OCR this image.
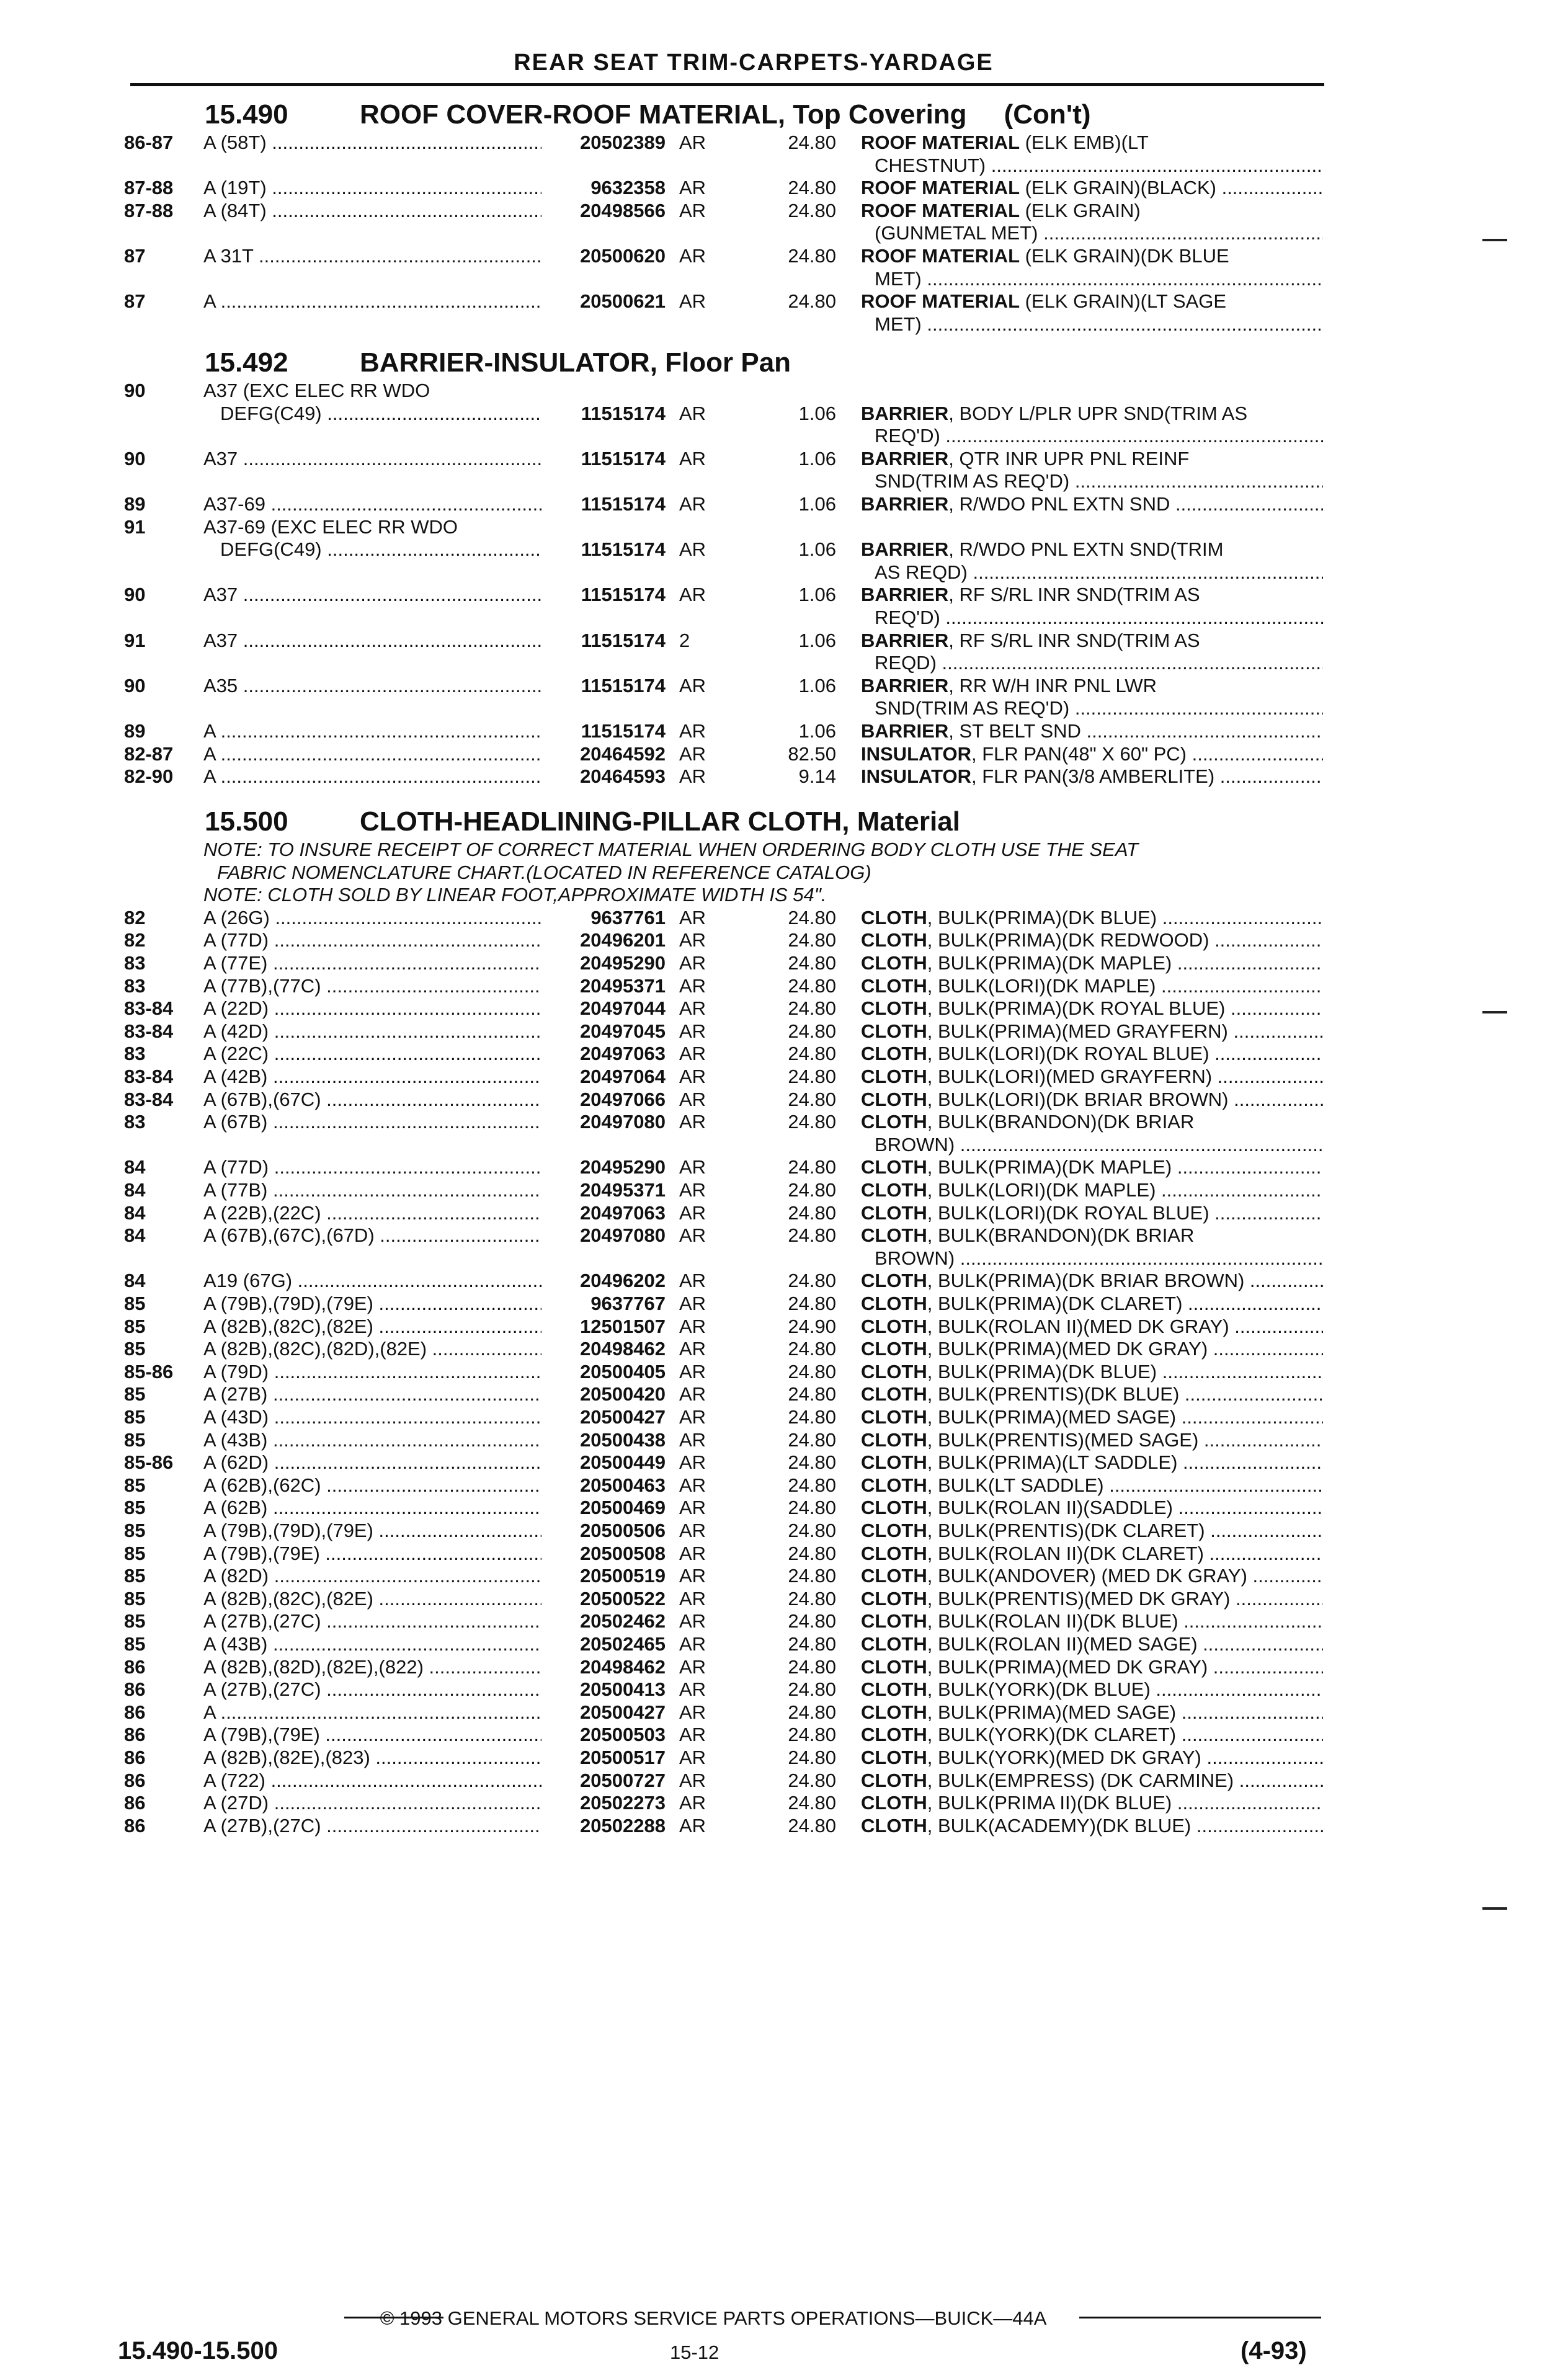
REAR SEAT TRIM-CARPETS-YARDAGE
15.490	ROOF COVER-ROOF MATERIAL, Top Covering (Con't)
86-87 A (58T) .....	20502389 AR	24.80 ROOF MATERIAL (ELK EMB)(LT
CHESTNUT) .....
87-88 A (19T) .....	9632358 AR	24.80 ROOF MATERIAL (ELK GRAIN)(BLACK) .....
87-88 A (84T) .....	20498566 AR	24.80 ROOF MATERIAL (ELK GRAIN)
(GUNMETAL MET) .....
87	A 31T .....	20500620 AR	24.80 ROOF MATERIAL (ELK GRAIN)(DK BLUE
MET) .....
87	A .....	20500621 AR	24.80 ROOF MATERIAL (ELK GRAIN)(LT SAGE
MET) .....
15.492	BARRIER-INSULATOR, Floor Pan
90	A37 (EXC ELEC RR WDO
DEFG(C49) .....	11515174 AR	1.06 BARRIER, BODY L/PLR UPR SND(TRIM AS
REQ'D) .....
90	A37 .....	11515174 AR	1.06 BARRIER, QTR INR UPR PNL REINF
SND(TRIM AS REQ'D) .....
89	A37-69 .....	11515174 AR	1.06 BARRIER, R/WDO PNL EXTN SND .....
91	A37-69 (EXC ELEC RR WDO
DEFG(C49) .....	11515174 AR	1.06 BARRIER, R/WDO PNL EXTN SND(TRIM
AS REQD) .....
90	A37 .....	11515174 AR	1.06 BARRIER, RF S/RL INR SND(TRIM AS
REQ'D) .....
91	A37 .....	11515174 2	1.06 BARRIER, RF S/RL INR SND(TRIM AS
REQD) .....
90	A35 .....	11515174 AR	1.06 BARRIER, RR W/H INR PNL LWR
SND(TRIM AS REQ'D) .....
89	A .....	11515174 AR	1.06 BARRIER, ST BELT SND .....
82-87 A .....	20464592 AR	82.50 INSULATOR, FLR PAN(48" X 60" PC) .....
82-90 A .....	20464593 AR	9.14 INSULATOR, FLR PAN(3/8 AMBERLITE) .....
15.500	CLOTH-HEADLINING-PILLAR CLOTH, Material
NOTE: TO INSURE RECEIPT OF CORRECT MATERIAL WHEN ORDERING BODY CLOTH USE THE SEAT
FABRIC NOMENCLATURE CHART.(LOCATED IN REFERENCE CATALOG)
NOTE: CLOTH SOLD BY LINEAR FOOT,APPROXIMATE WIDTH IS 54".
82	A (26G) .....	9637761 AR	24.80 CLOTH, BULK(PRIMA)(DK BLUE) .....
82	A (77D) .....	20496201 AR	24.80 CLOTH, BULK(PRIMA)(DK REDWOOD) .....
83	A (77E) .....	20495290 AR	24.80 CLOTH, BULK(PRIMA)(DK MAPLE) .....
83	A (77B),(77C) .....	20495371 AR	24.80 CLOTH, BULK(LORI)(DK MAPLE) .....
83-84 A (22D) .....	20497044 AR	24.80 CLOTH, BULK(PRIMA)(DK ROYAL BLUE) .....
83-84 A (42D) .....	20497045 AR	24.80 CLOTH, BULK(PRIMA)(MED GRAYFERN) .....
83	A (22C) .....	20497063 AR	24.80 CLOTH, BULK(LORI)(DK ROYAL BLUE) .....
83-84 A (42B) .....	20497064 AR	24.80 CLOTH, BULK(LORI)(MED GRAYFERN) .....
83-84 A (67B),(67C) .....	20497066 AR	24.80 CLOTH, BULK(LORI)(DK BRIAR BROWN) .....
83	A (67B) .....	20497080 AR	24.80 CLOTH, BULK(BRANDON)(DK BRIAR
BROWN) .....
84	A (77D) .....	20495290 AR	24.80 CLOTH, BULK(PRIMA)(DK MAPLE) .....
84	A (77B) .....	20495371 AR	24.80 CLOTH, BULK(LORI)(DK MAPLE) .....
84	A (22B),(22C) .....	20497063 AR	24.80 CLOTH, BULK(LORI)(DK ROYAL BLUE) .....
84	A (67B),(67C),(67D) .....	20497080 AR	24.80 CLOTH, BULK(BRANDON)(DK BRIAR
BROWN) .....
84	A19 (67G) .....	20496202 AR	24.80 CLOTH, BULK(PRIMA)(DK BRIAR BROWN) .....
85	A (79B),(79D),(79E) .....	9637767 AR	24.80 CLOTH, BULK(PRIMA)(DK CLARET) .....
85	A (82B),(82C),(82E) .....	12501507 AR	24.90 CLOTH, BULK(ROLAN II)(MED DK GRAY) .....
85	A (82B),(82C),(82D),(82E) .....	20498462 AR	24.80 CLOTH, BULK(PRIMA)(MED DK GRAY) .....
85-86 A (79D) .....	20500405 AR	24.80 CLOTH, BULK(PRIMA)(DK BLUE) .....
85	A (27B) .....	20500420 AR	24.80 CLOTH, BULK(PRENTIS)(DK BLUE) .....
85	A (43D) .....	20500427 AR	24.80 CLOTH, BULK(PRIMA)(MED SAGE) .....
85	A (43B) .....	20500438 AR	24.80 CLOTH, BULK(PRENTIS)(MED SAGE) .....
85-86 A (62D) .....	20500449 AR	24.80 CLOTH, BULK(PRIMA)(LT SADDLE) .....
85	A (62B),(62C) .....	20500463 AR	24.80 CLOTH, BULK(LT SADDLE) .....
85	A (62B) .....	20500469 AR	24.80 CLOTH, BULK(ROLAN II)(SADDLE) .....
85	A (79B),(79D),(79E) .....	20500506 AR	24.80 CLOTH, BULK(PRENTIS)(DK CLARET) .....
85	A (79B),(79E) .....	20500508 AR	24.80 CLOTH, BULK(ROLAN II)(DK CLARET) .....
85	A (82D) .....	20500519 AR	24.80 CLOTH, BULK(ANDOVER) (MED DK GRAY) .....
85	A (82B),(82C),(82E) .....	20500522 AR	24.80 CLOTH, BULK(PRENTIS)(MED DK GRAY) .....
85	A (27B),(27C) .....	20502462 AR	24.80 CLOTH, BULK(ROLAN II)(DK BLUE) .....
85	A (43B) .....	20502465 AR	24.80 CLOTH, BULK(ROLAN II)(MED SAGE) .....
86	A (82B),(82D),(82E),(822) .....	20498462 AR	24.80 CLOTH, BULK(PRIMA)(MED DK GRAY) .....
86	A (27B),(27C) .....	20500413 AR	24.80 CLOTH, BULK(YORK)(DK BLUE) .....
86	A .....	20500427 AR	24.80 CLOTH, BULK(PRIMA)(MED SAGE) .....
86	A (79B),(79E) .....	20500503 AR	24.80 CLOTH, BULK(YORK)(DK CLARET) .....
86	A (82B),(82E),(823) .....	20500517 AR	24.80 CLOTH, BULK(YORK)(MED DK GRAY) .....
86	A (722) .....	20500727 AR	24.80 CLOTH, BULK(EMPRESS) (DK CARMINE) .....
86	A (27D) .....	20502273 AR	24.80 CLOTH, BULK(PRIMA II)(DK BLUE) .....
86	A (27B),(27C) .....	20502288 AR	24.80 CLOTH, BULK(ACADEMY)(DK BLUE) .....
© 1993 GENERAL MOTORS SERVICE PARTS OPERATIONS—BUICK—44A
15.490-15.500	15-12	(4-93)
